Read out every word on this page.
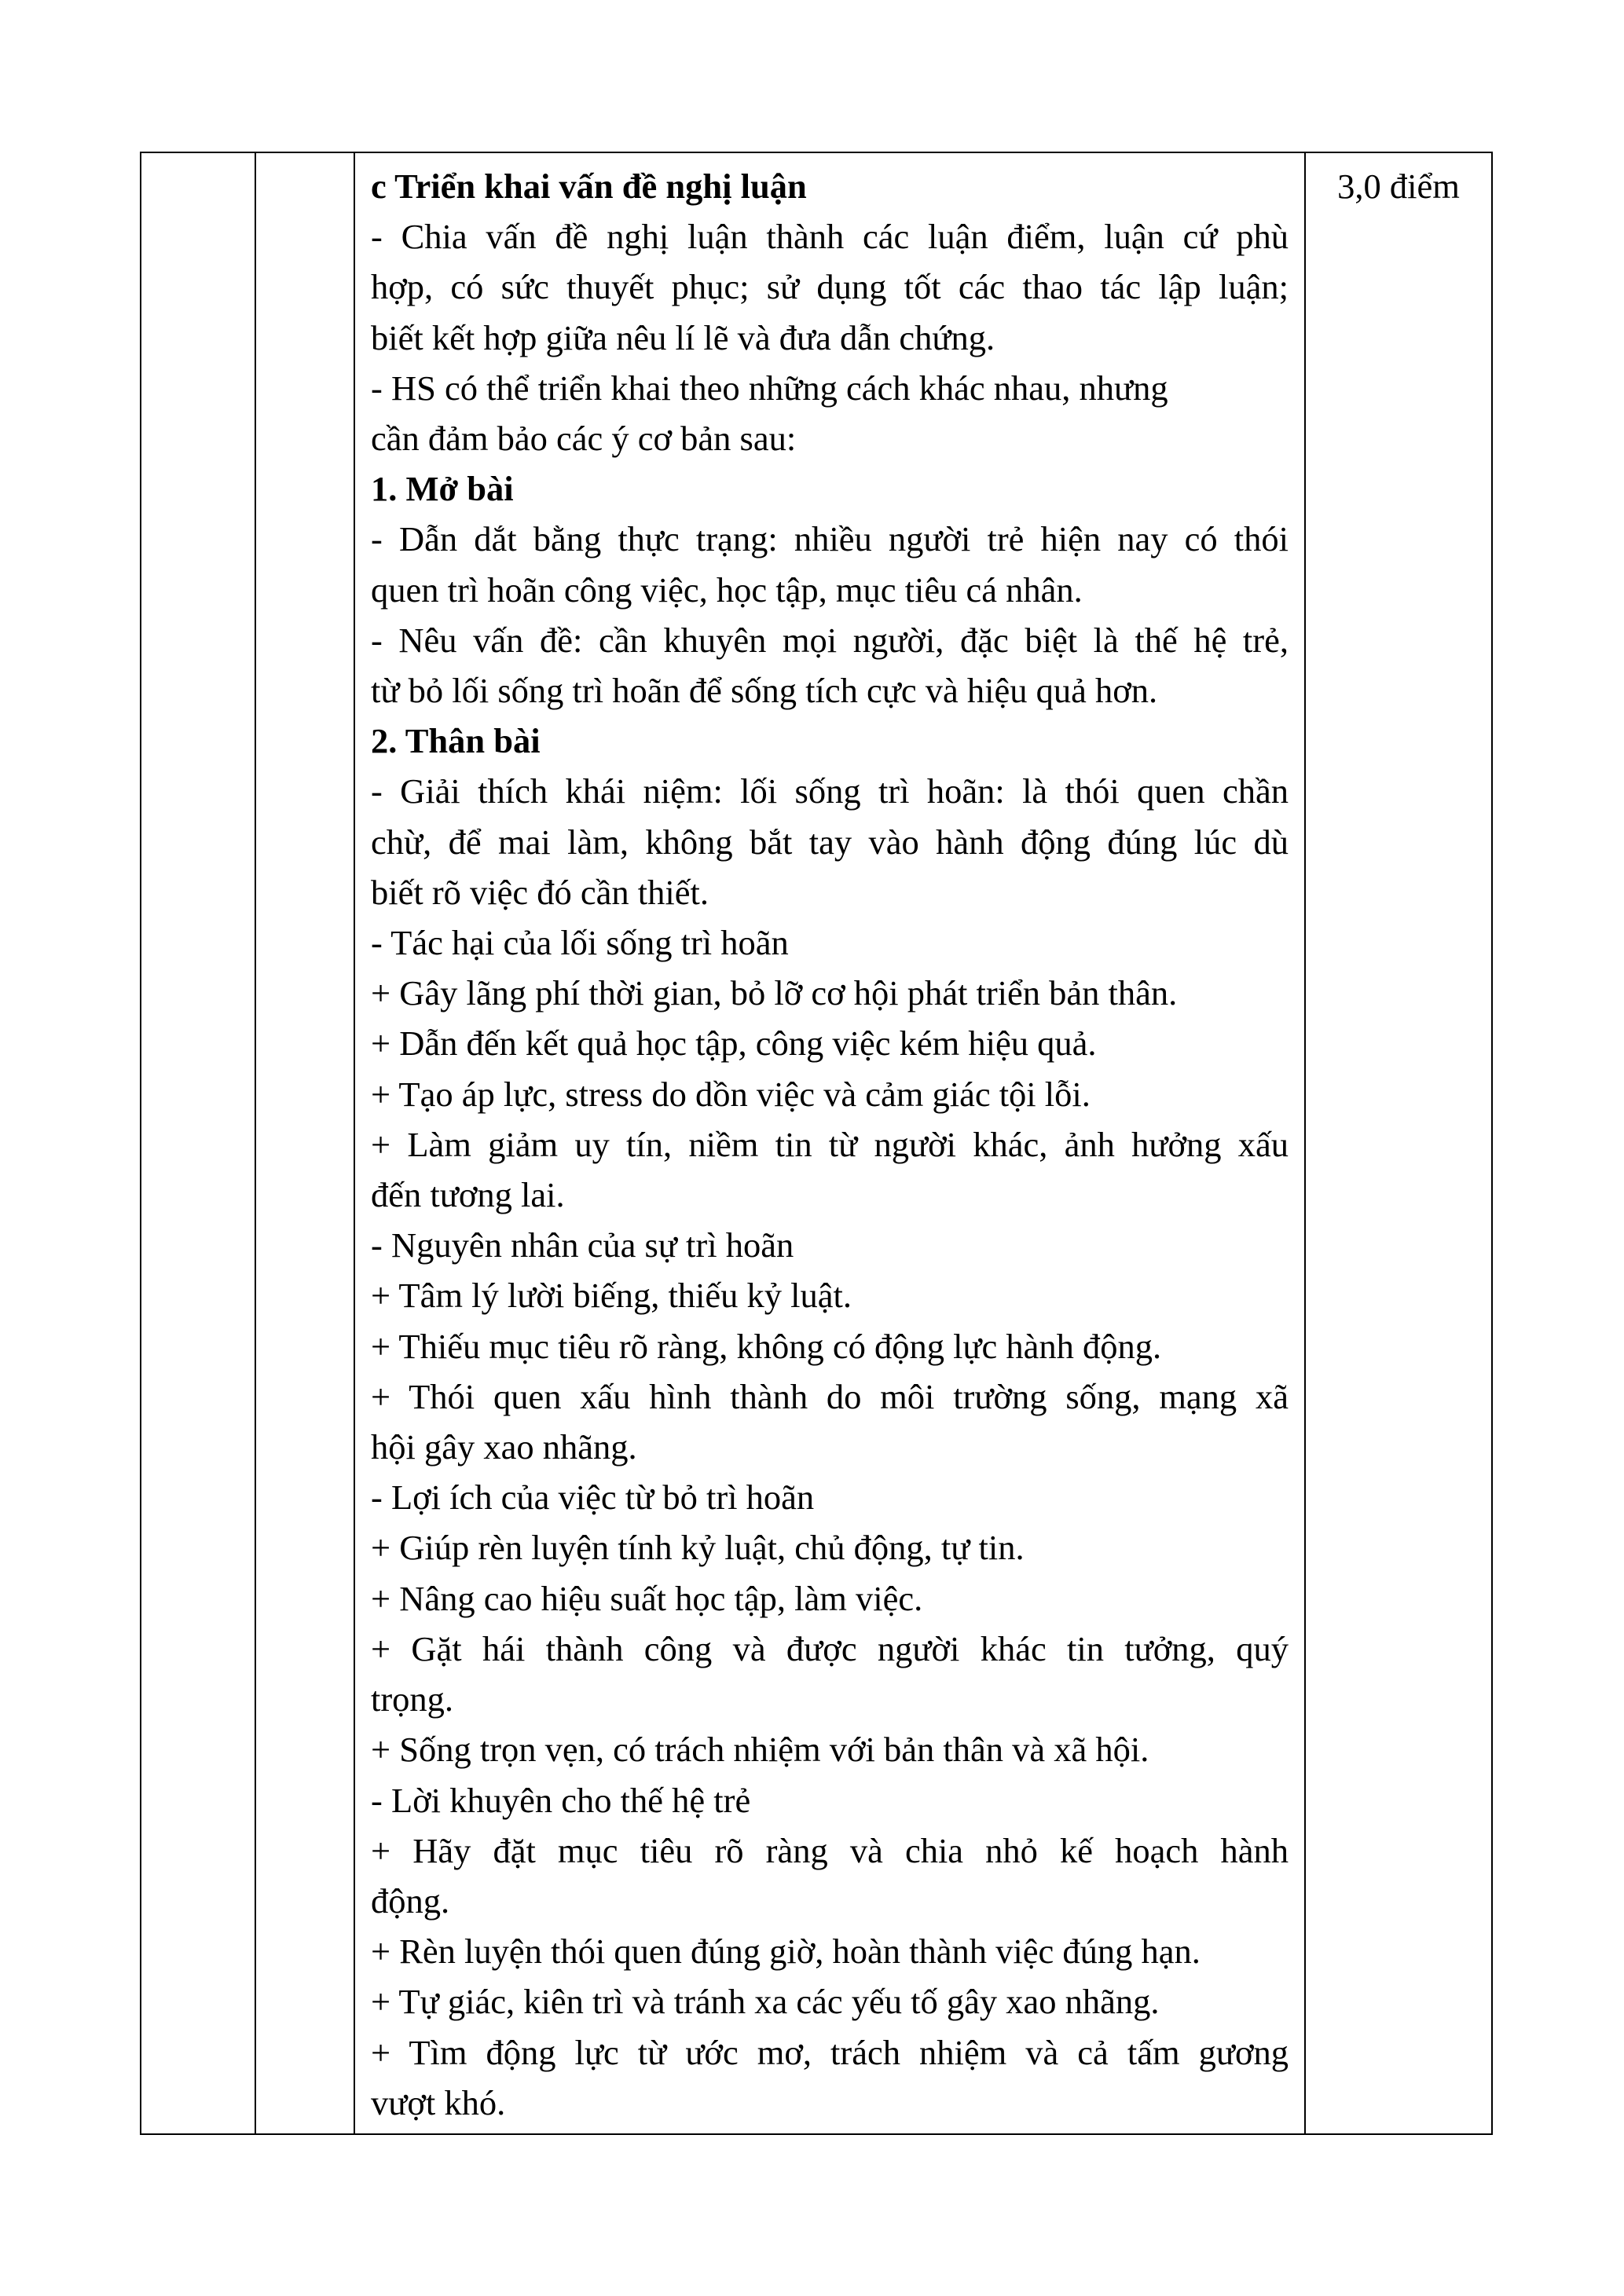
c Triển khai vấn đề nghị luận
- Chia vấn đề nghị luận thành các luận điểm, luận cứ phù
hợp, có sức thuyết phục; sử dụng tốt các thao tác lập luận;
biết kết hợp giữa nêu lí lẽ và đưa dẫn chứng.
- HS có thể triển khai theo những cách khác nhau, nhưng
cần đảm bảo các ý cơ bản sau:
1. Mở bài
- Dẫn dắt bằng thực trạng: nhiều người trẻ hiện nay có thói
quen trì hoãn công việc, học tập, mục tiêu cá nhân.
- Nêu vấn đề: cần khuyên mọi người, đặc biệt là thế hệ trẻ,
từ bỏ lối sống trì hoãn để sống tích cực và hiệu quả hơn.
2. Thân bài
- Giải thích khái niệm: lối sống trì hoãn: là thói quen chần
chừ, để mai làm, không bắt tay vào hành động đúng lúc dù
biết rõ việc đó cần thiết.
- Tác hại của lối sống trì hoãn
+ Gây lãng phí thời gian, bỏ lỡ cơ hội phát triển bản thân.
+ Dẫn đến kết quả học tập, công việc kém hiệu quả.
+ Tạo áp lực, stress do dồn việc và cảm giác tội lỗi.
+ Làm giảm uy tín, niềm tin từ người khác, ảnh hưởng xấu
đến tương lai.
- Nguyên nhân của sự trì hoãn
+ Tâm lý lười biếng, thiếu kỷ luật.
+ Thiếu mục tiêu rõ ràng, không có động lực hành động.
+ Thói quen xấu hình thành do môi trường sống, mạng xã
hội gây xao nhãng.
- Lợi ích của việc từ bỏ trì hoãn
+ Giúp rèn luyện tính kỷ luật, chủ động, tự tin.
+ Nâng cao hiệu suất học tập, làm việc.
+ Gặt hái thành công và được người khác tin tưởng, quý
trọng.
+ Sống trọn vẹn, có trách nhiệm với bản thân và xã hội.
- Lời khuyên cho thế hệ trẻ
+ Hãy đặt mục tiêu rõ ràng và chia nhỏ kế hoạch hành
động.
+ Rèn luyện thói quen đúng giờ, hoàn thành việc đúng hạn.
+ Tự giác, kiên trì và tránh xa các yếu tố gây xao nhãng.
+ Tìm động lực từ ước mơ, trách nhiệm và cả tấm gương
vượt khó.
	3,0 điểm
